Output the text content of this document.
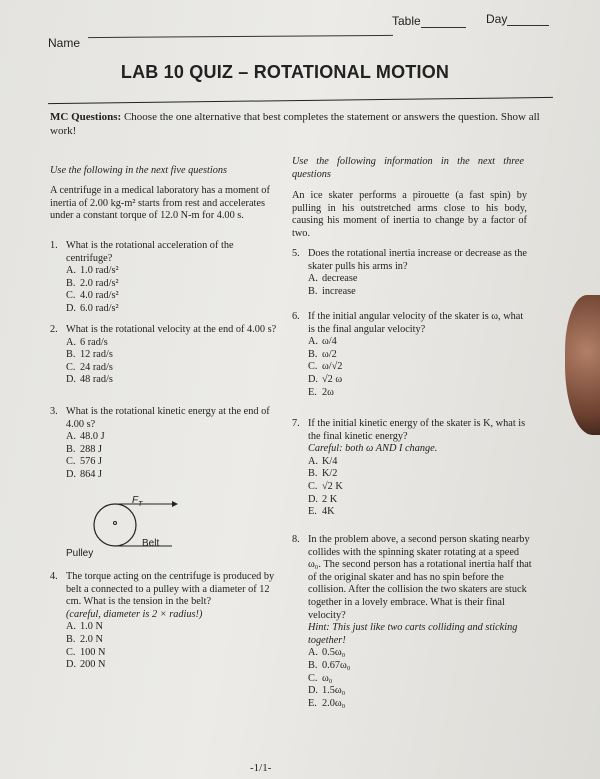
Table	Day
Name
LAB 10 QUIZ – ROTATIONAL MOTION
MC Questions: Choose the one alternative that best completes the statement or answers the question. Show all work!
Use the following in the next five questions
A centrifuge in a medical laboratory has a moment of inertia of 2.00 kg-m² starts from rest and accelerates under a constant torque of 12.0 N-m for 4.00 s.
1. What is the rotational acceleration of the centrifuge?
A. 1.0 rad/s²
B. 2.0 rad/s²
C. 4.0 rad/s²
D. 6.0 rad/s²
2. What is the rotational velocity at the end of 4.00 s?
A. 6 rad/s
B. 12 rad/s
C. 24 rad/s
D. 48 rad/s
3. What is the rotational kinetic energy at the end of 4.00 s?
A. 48.0 J
B. 288 J
C. 576 J
D. 864 J
4. The torque acting on the centrifuge is produced by belt a connected to a pulley with a diameter of 12 cm. What is the tension in the belt?
(careful, diameter is 2 × radius!)
A. 1.0 N
B. 2.0 N
C. 100 N
D. 200 N
$F_T$
Belt
Pulley
Use the following information in the next three questions
An ice skater performs a pirouette (a fast spin) by pulling in his outstretched arms close to his body, causing his moment of inertia to change by a factor of two.
5. Does the rotational inertia increase or decrease as the skater pulls his arms in?
A. decrease
B. increase
6. If the initial angular velocity of the skater is ω, what is the final angular velocity?
A. ω/4
B. ω/2
C. ω/√2
D. √2 ω
E. 2ω
7. If the initial kinetic energy of the skater is K, what is the final kinetic energy?
Careful: both ω AND I change.
A. K/4
B. K/2
C. √2 K
D. 2 K
E. 4K
8. In the problem above, a second person skating nearby collides with the spinning skater rotating at a speed ω₀. The second person has a rotational inertia half that of the original skater and has no spin before the collision. After the collision the two skaters are stuck together in a lovely embrace. What is their final velocity?
Hint: This just like two carts colliding and sticking together!
A. 0.5ω₀
B. 0.67ω₀
C. ω₀
D. 1.5ω₀
E. 2.0ω₀
-1/1-
